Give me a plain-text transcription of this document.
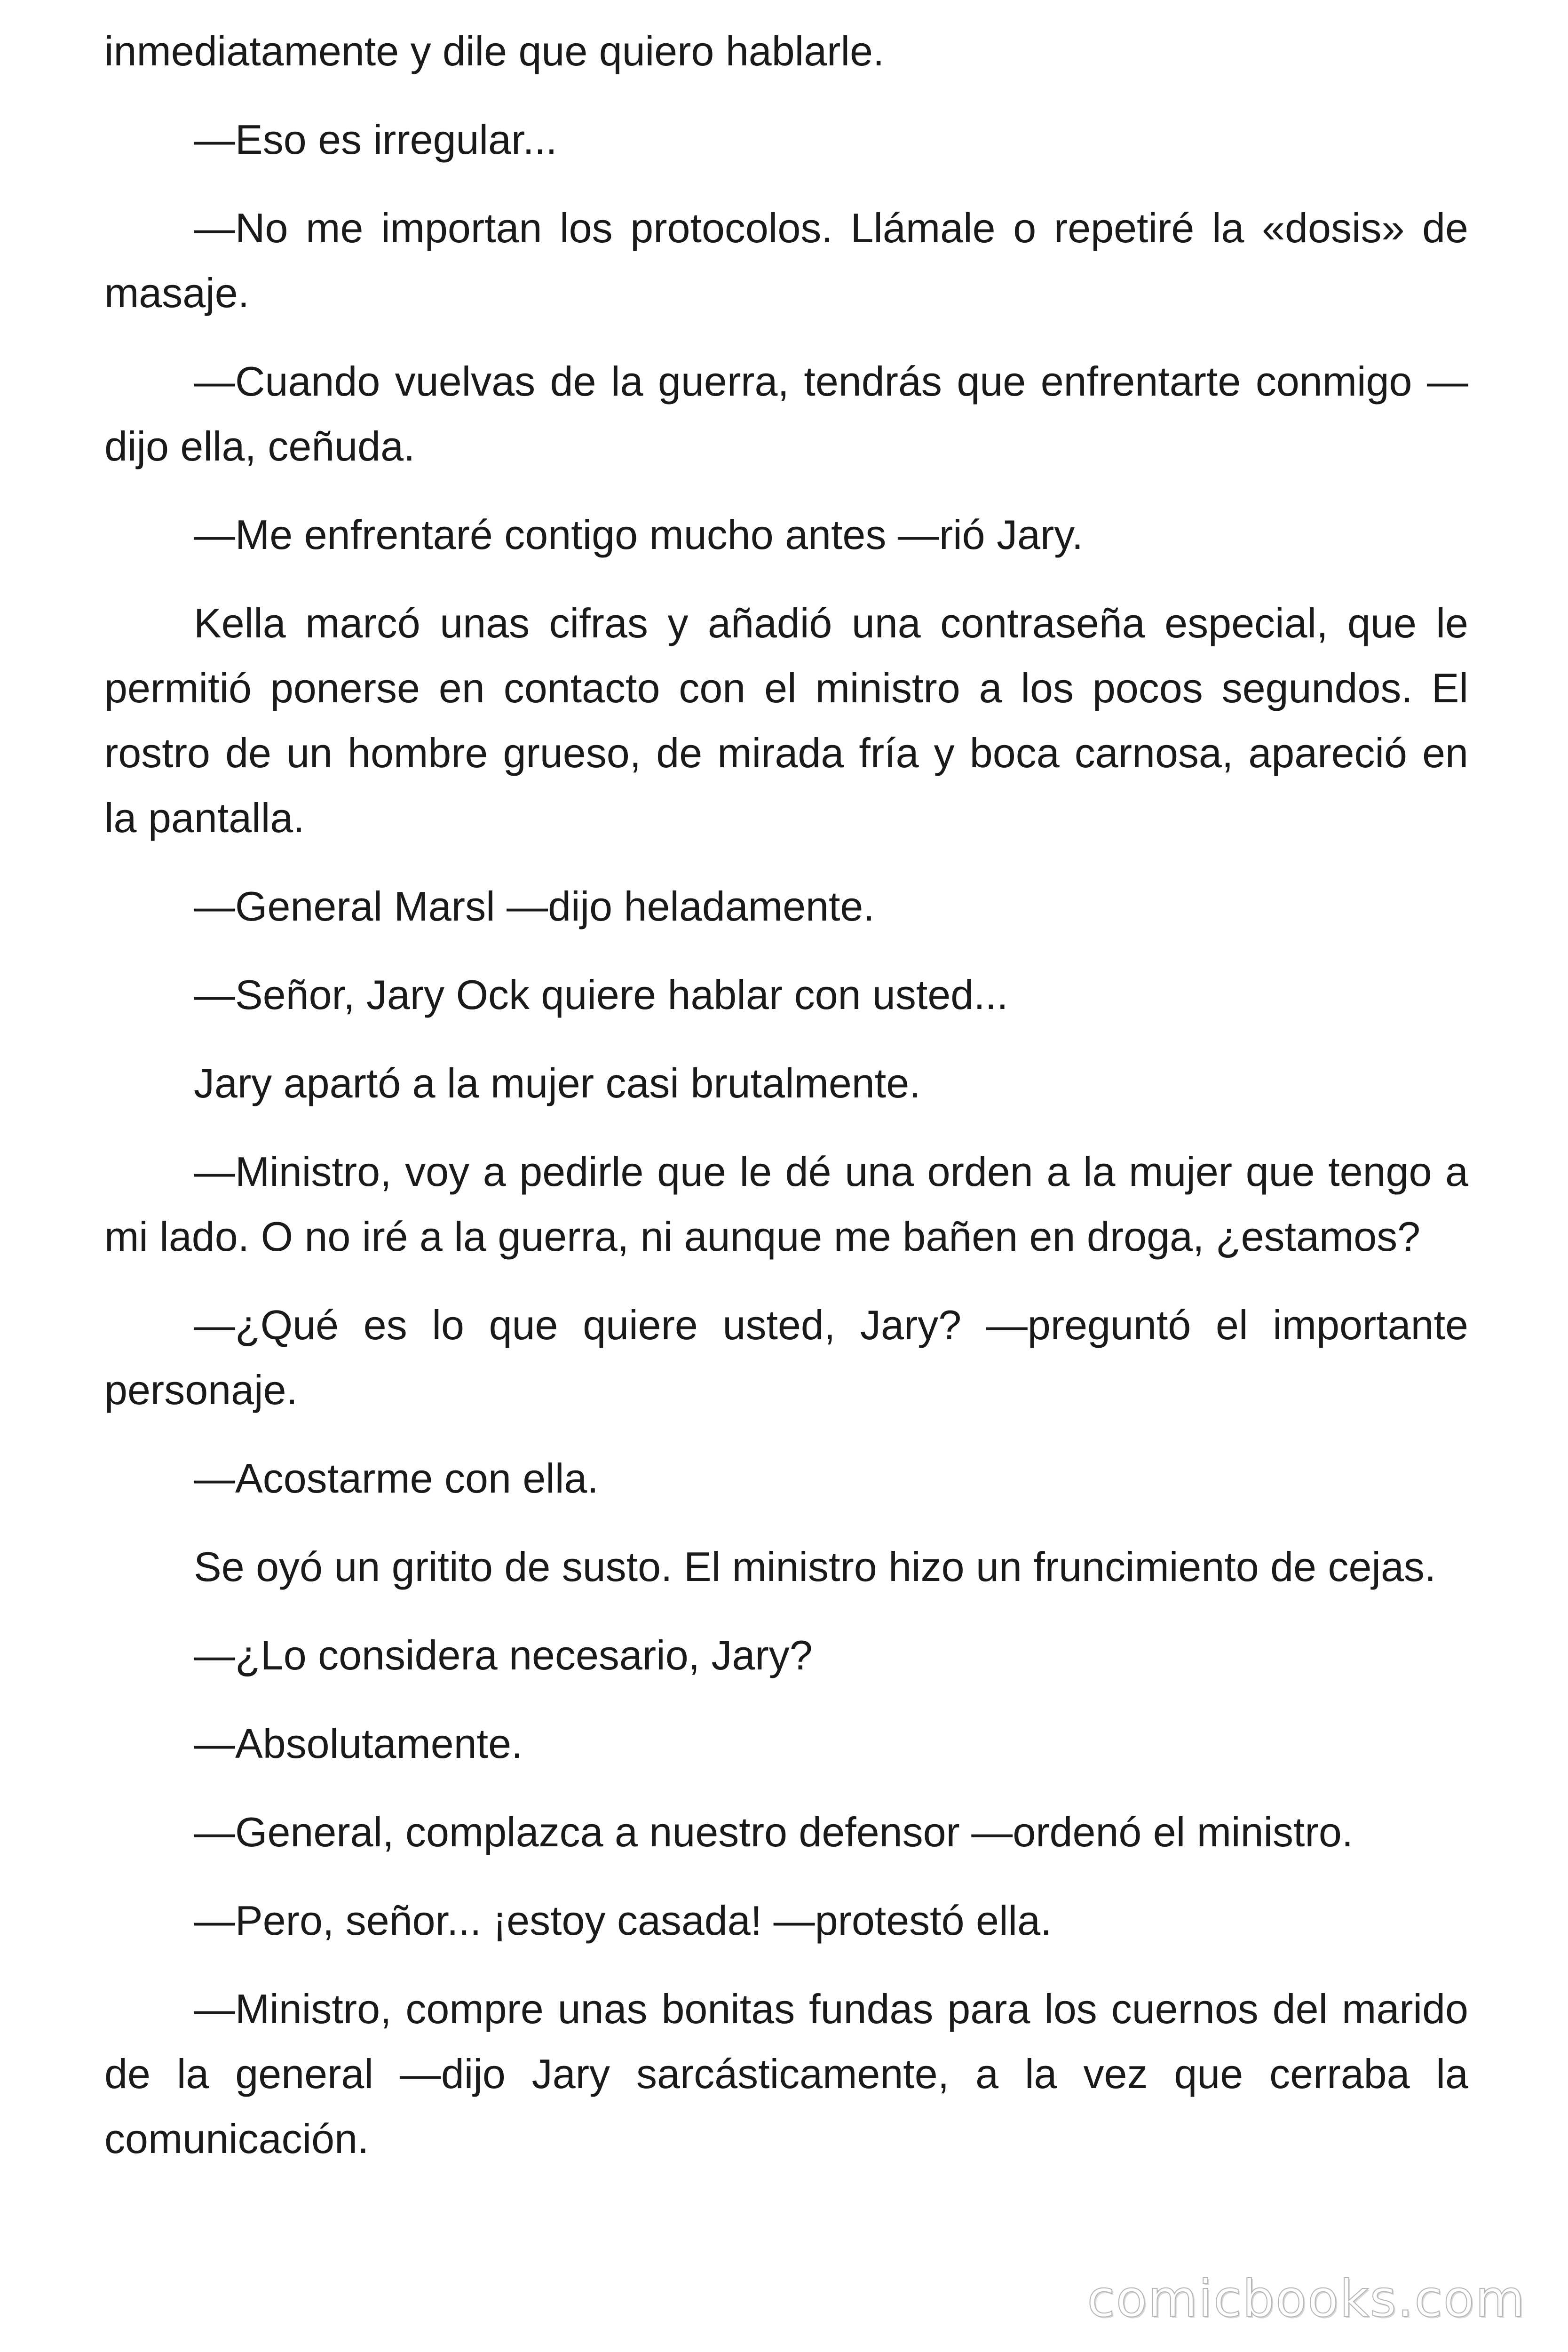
inmediatamente y dile que quiero hablarle.

—Eso es irregular...

—No me importan los protocolos. Llámale o repetiré la «dosis» de masaje.

—Cuando vuelvas de la guerra, tendrás que enfrentarte conmigo —dijo ella, ceñuda.

—Me enfrentaré contigo mucho antes —rió Jary.

Kella marcó unas cifras y añadió una contraseña especial, que le permitió ponerse en contacto con el ministro a los pocos segundos. El rostro de un hombre grueso, de mirada fría y boca carnosa, apareció en la pantalla.

—General Marsl —dijo heladamente.

—Señor, Jary Ock quiere hablar con usted...

Jary apartó a la mujer casi brutalmente.

—Ministro, voy a pedirle que le dé una orden a la mujer que tengo a mi lado. O no iré a la guerra, ni aunque me bañen en droga, ¿estamos?

—¿Qué es lo que quiere usted, Jary? —preguntó el importante personaje.

—Acostarme con ella.

Se oyó un gritito de susto. El ministro hizo un fruncimiento de cejas.

—¿Lo considera necesario, Jary?

—Absolutamente.

—General, complazca a nuestro defensor —ordenó el ministro.

—Pero, señor... ¡estoy casada! —protestó ella.

—Ministro, compre unas bonitas fundas para los cuernos del marido de la general —dijo Jary sarcásticamente, a la vez que cerraba la comunicación.

comicbooks.com
